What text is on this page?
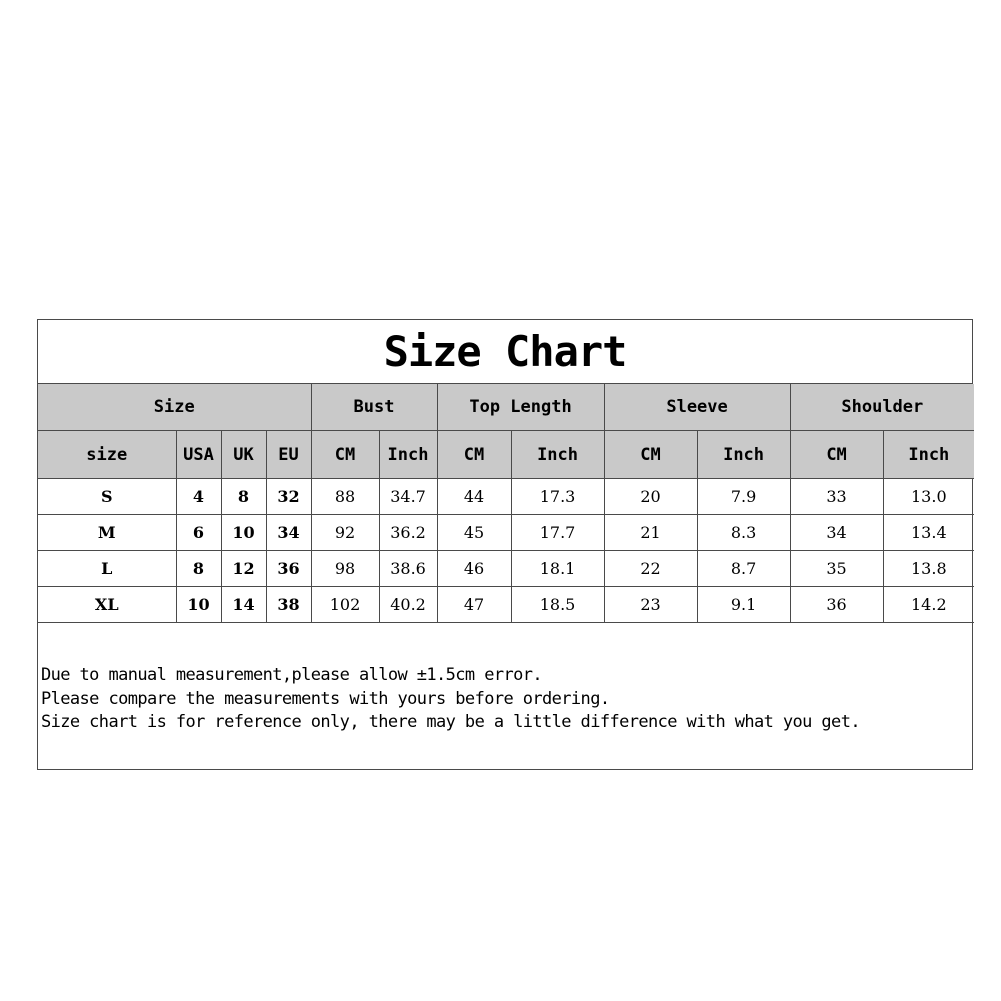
Size Chart
Size				Bust		Top Length		Sleeve		Shoulder	
size	USA	UK	EU	CM	Inch	CM	Inch	CM	Inch	CM	Inch
S	4	8	32	88	34.7	44	17.3	20	7.9	33	13.0
M	6	10	34	92	36.2	45	17.7	21	8.3	34	13.4
L	8	12	36	98	38.6	46	18.1	22	8.7	35	13.8
XL	10	14	38	102	40.2	47	18.5	23	9.1	36	14.2
Due to manual measurement,please allow ±1.5cm error.
Please compare the measurements with yours before ordering.
Size chart is for reference only, there may be a little difference with what you get.
